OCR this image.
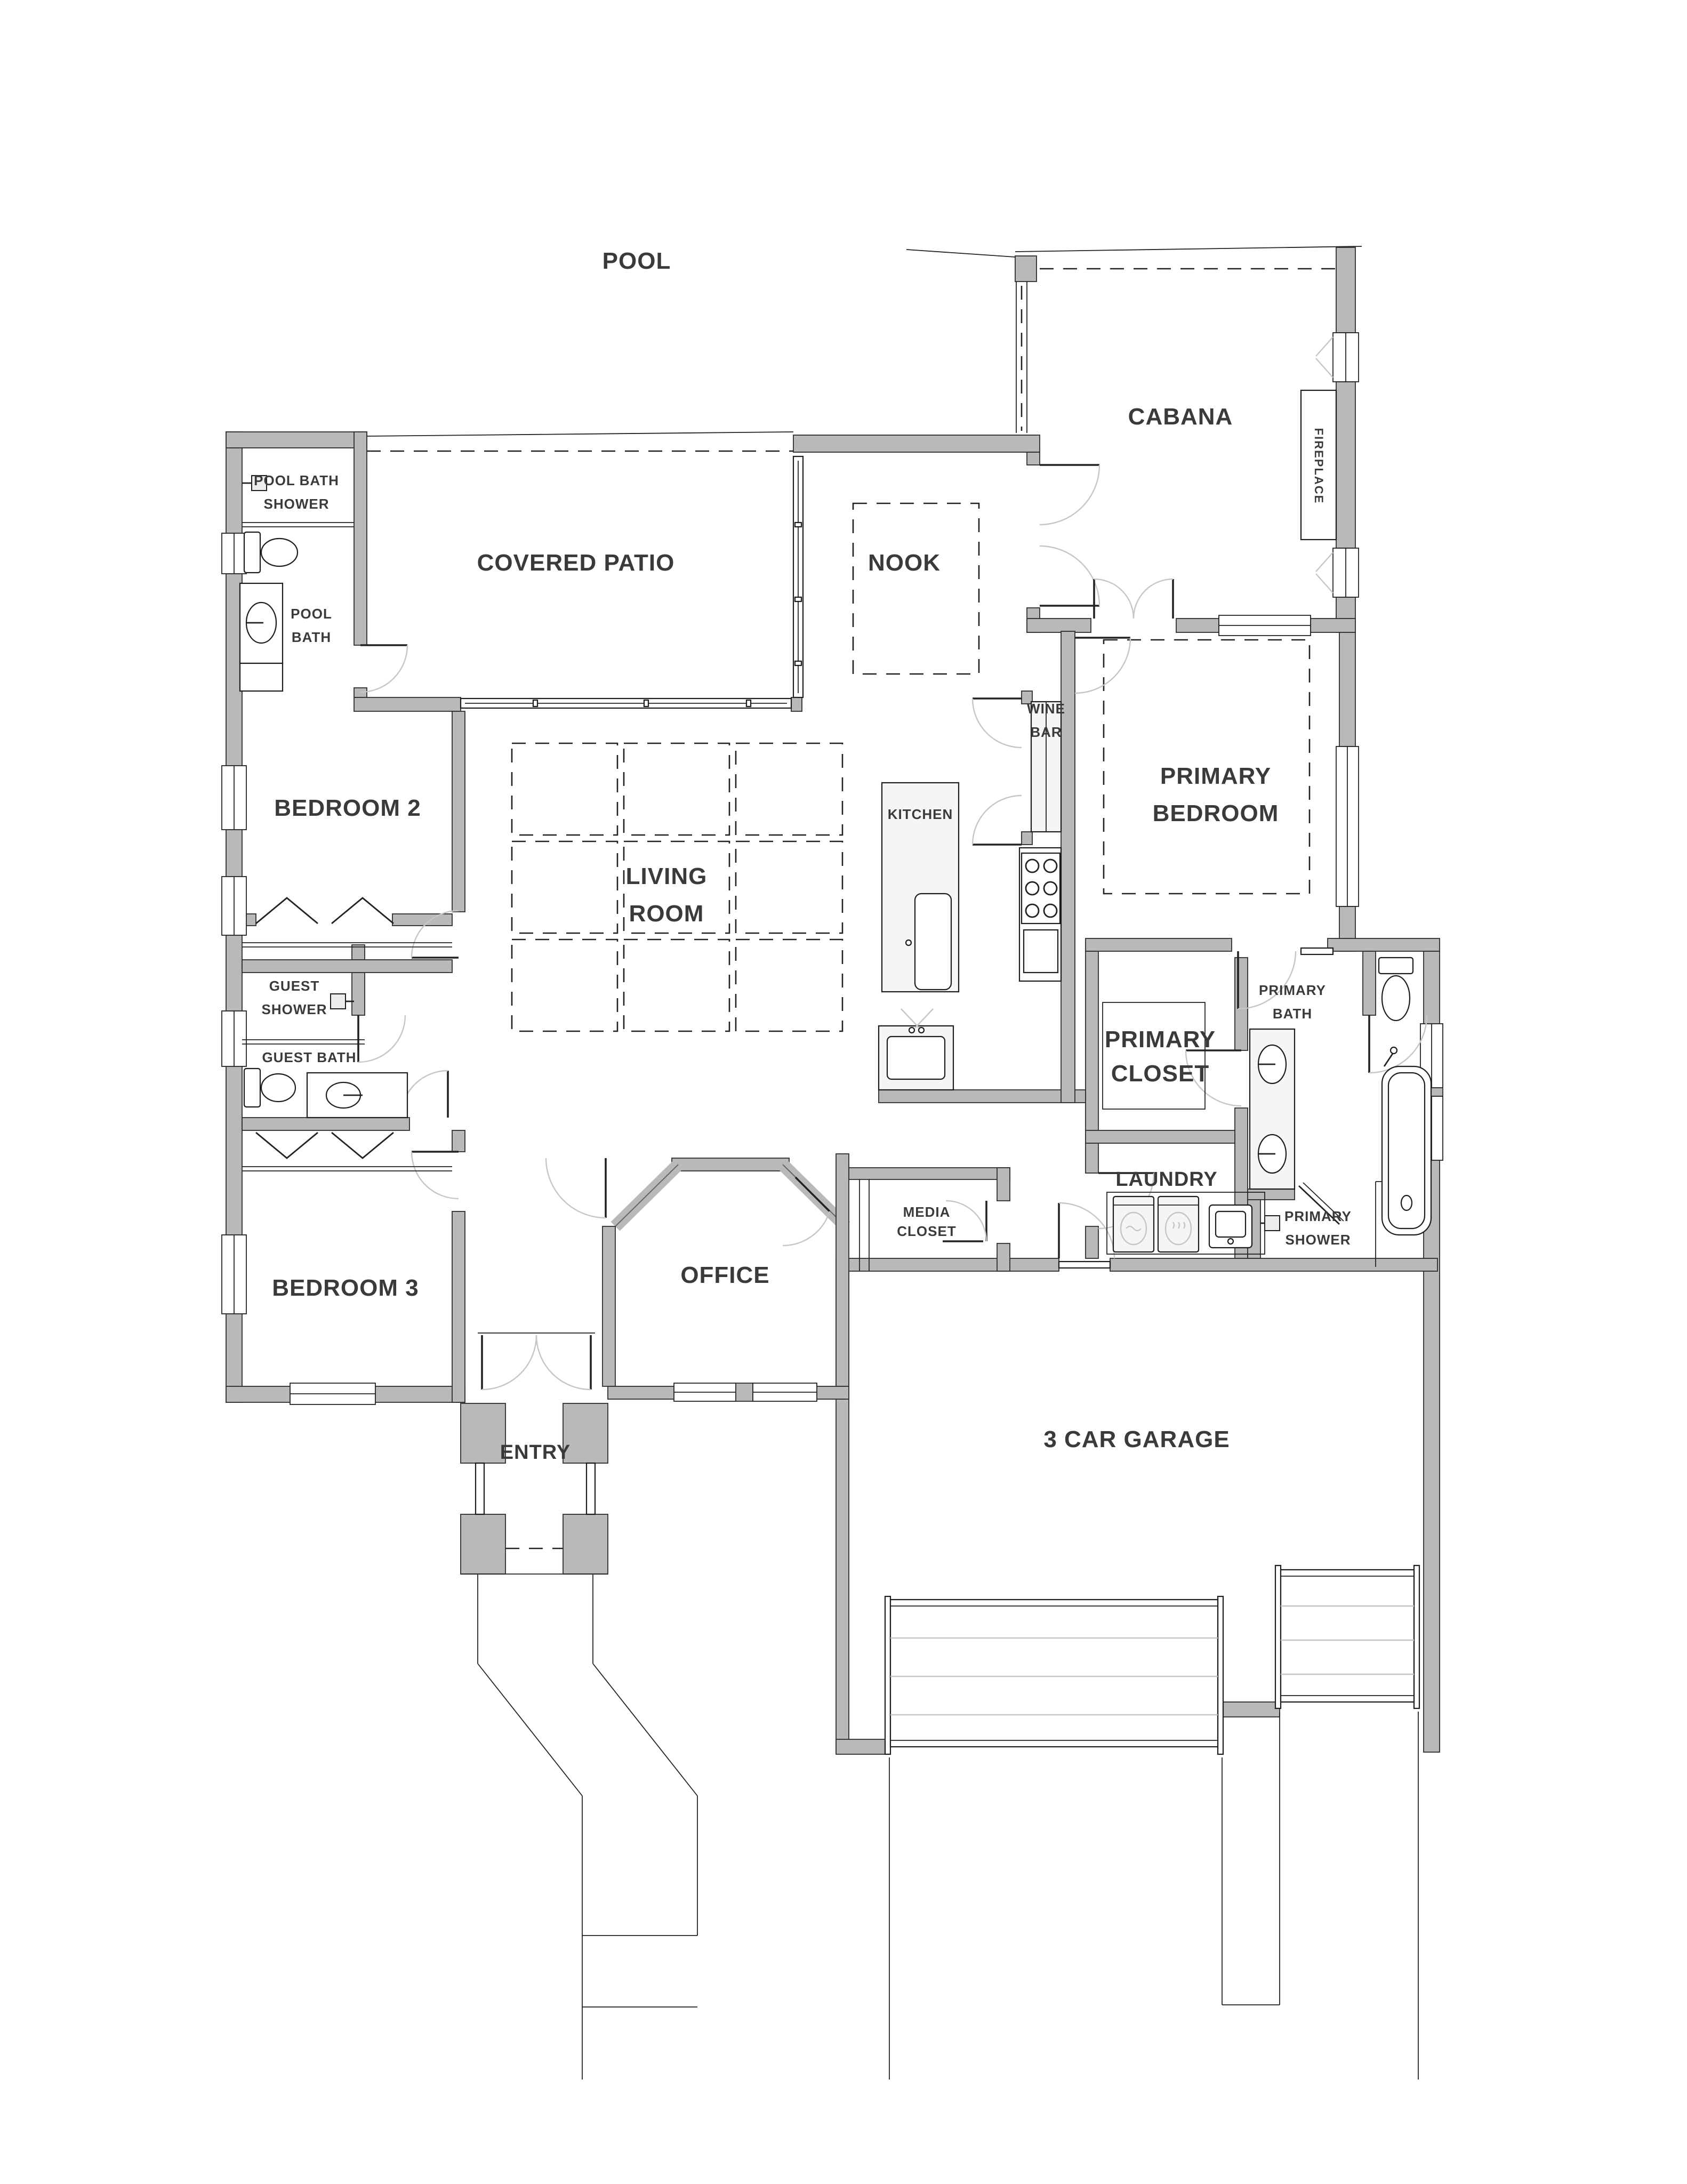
POOL
CABANA
FIREPLACE
POOL BATH
SHOWER
COVERED PATIO	NOOK
POOL
BATH
BEDROOM 2	KITCHEN
WINE
BAR
PRIMARY
BEDROOM
LIVING
ROOM
GUEST
SHOWER
GUEST BATH
PRIMARY
BATH
PRIMARY
CLOSET
LAUNDRY
PRIMARY
SHOWER
MEDIA
CLOSET
BEDROOM 3	OFFICE
ENTRY	3 CAR GARAGE
